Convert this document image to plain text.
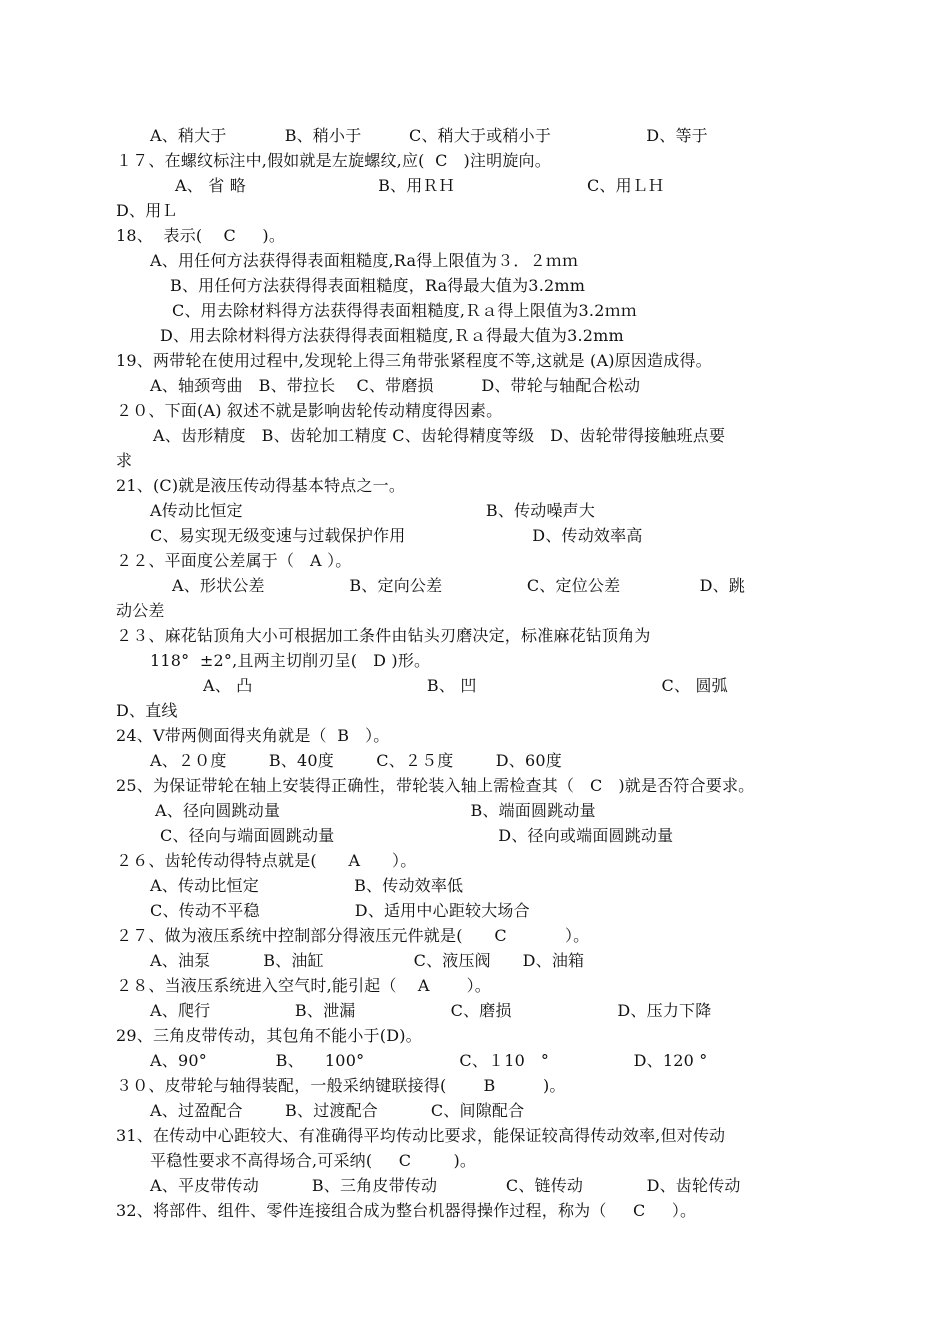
A、稍大于           B、稍小于         C、稍大于或稍小于                  D、等于
１７、在螺纹标注中,假如就是左旋螺纹,应(  C   )注明旋向。
A、 省 略                         B、用ＲＨ                         C、用ＬＨ
D、用Ｌ
18、  表示(    C     )。
A、用任何方法获得得表面粗糙度,Ra得上限值为３．２ｍｍ
B、用任何方法获得得表面粗糙度，Ra得最大值为3.2mm
C、用去除材料得方法获得得表面粗糙度,Ｒａ得上限值为3.2ｍｍ
D、用去除材料得方法获得得表面粗糙度,Ｒａ得最大值为3.2mm
19、两带轮在使用过程中,发现轮上得三角带张紧程度不等,这就是 (A)原因造成得。
A、轴颈弯曲   B、带拉长    C、带磨损         D、带轮与轴配合松动
２０、下面(A) 叙述不就是影响齿轮传动精度得因素。
A、齿形精度   B、齿轮加工精度 C、齿轮得精度等级   D、齿轮带得接触班点要
求
21、(C)就是液压传动得基本特点之一。
A传动比恒定                                              B、传动噪声大
C、易实现无级变速与过载保护作用                        D、传动效率高
２２、平面度公差属于（   A ）。
A、形状公差                B、定向公差                C、定位公差               D、跳
动公差
２３、麻花钻顶角大小可根据加工条件由钻头刃磨决定，标准麻花钻顶角为
118°  ±2°,且两主切削刃呈(   D )形。
A、 凸                                 B、 凹                                   C、 圆弧
D、直线
24、V带两侧面得夹角就是（  B   ）。
A、２０度        B、40度        C、２５度        D、60度
25、为保证带轮在轴上安装得正确性，带轮装入轴上需检查其（   C   )就是否符合要求。
A、径向圆跳动量                                    B、端面圆跳动量
C、径向与端面圆跳动量                               D、径向或端面圆跳动量
２６、齿轮传动得特点就是(      A      ）。
A、传动比恒定                  B、传动效率低
C、传动不平稳                  D、适用中心距较大场合
２７、做为液压系统中控制部分得液压元件就是(      C           ）。
A、油泵          B、油缸                 C、液压阀      D、油箱
２８、当液压系统进入空气时,能引起（    A       ）。
A、爬行                B、泄漏                  C、磨损                    D、压力下降
29、三角皮带传动，其包角不能小于(D)。
A、90°             B、    100°                  C、１10   °                D、120 °
３０、皮带轮与轴得装配，一般采纳键联接得(       B         )。
A、过盈配合        B、过渡配合          C、间隙配合
31、在传动中心距较大、有准确得平均传动比要求，能保证较高得传动效率,但对传动
平稳性要求不高得场合,可采纳(     C        )。
A、平皮带传动          B、三角皮带传动             C、链传动            D、齿轮传动
32、将部件、组件、零件连接组合成为整台机器得操作过程，称为（     C     ）。
